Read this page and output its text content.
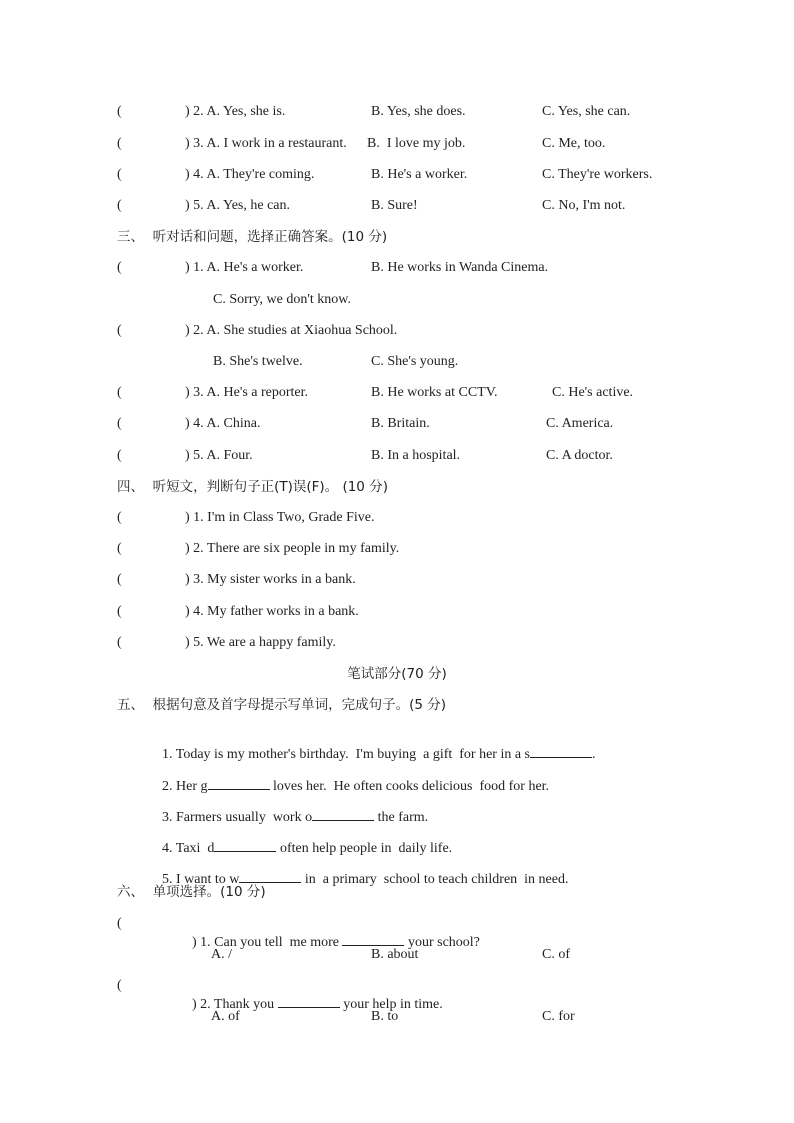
(	) 2. A. Yes, she is.	B. Yes, she does.	C. Yes, she can.
(	) 3. A. I work in a restaurant. B.  I love my job.	C. Me, too.
(	) 4. A. They're coming.	B. He's a worker.	C. They're workers.
(	) 5. A. Yes, he can.	B. Sure!	C. No, I'm not.
三、  听对话和问题，选择正确答案。(10 分)
(	) 1. A. He's a worker.	B. He works in Wanda Cinema.
C. Sorry, we don't know.
(	) 2. A. She studies at Xiaohua School.
B. She's twelve.	C. She's young.
(	) 3. A. He's a reporter.	B. He works at CCTV.	C. He's active.
(	) 4. A. China.	B. Britain.	C. America.
(	) 5. A. Four.	B. In a hospital.	C. A doctor.
四、  听短文，判断句子正(T)误(F)。 (10 分)
(	) 1. I'm in Class Two, Grade Five.
(	) 2. There are six people in my family.
(	) 3. My sister works in a bank.
(	) 4. My father works in a bank.
(	) 5. We are a happy family.
笔试部分(70 分)
五、  根据句意及首字母提示写单词，完成句子。(5 分)

1. Today is my mother's birthday.  I'm buying  a gift  for her in a s	.

2. Her g	loves her.  He often cooks delicious  food for her.

3. Farmers usually  work o	the farm.

4. Taxi  d	often help people in  daily life.

5. I want to w	in  a primary  school to teach children  in need.

六、  单项选择。(10 分)
(

) 1. Can you tell  me more	your school?

A. /	B. about	C. of
(

) 2. Thank you	your help in time.

A. of	B. to	C. for
